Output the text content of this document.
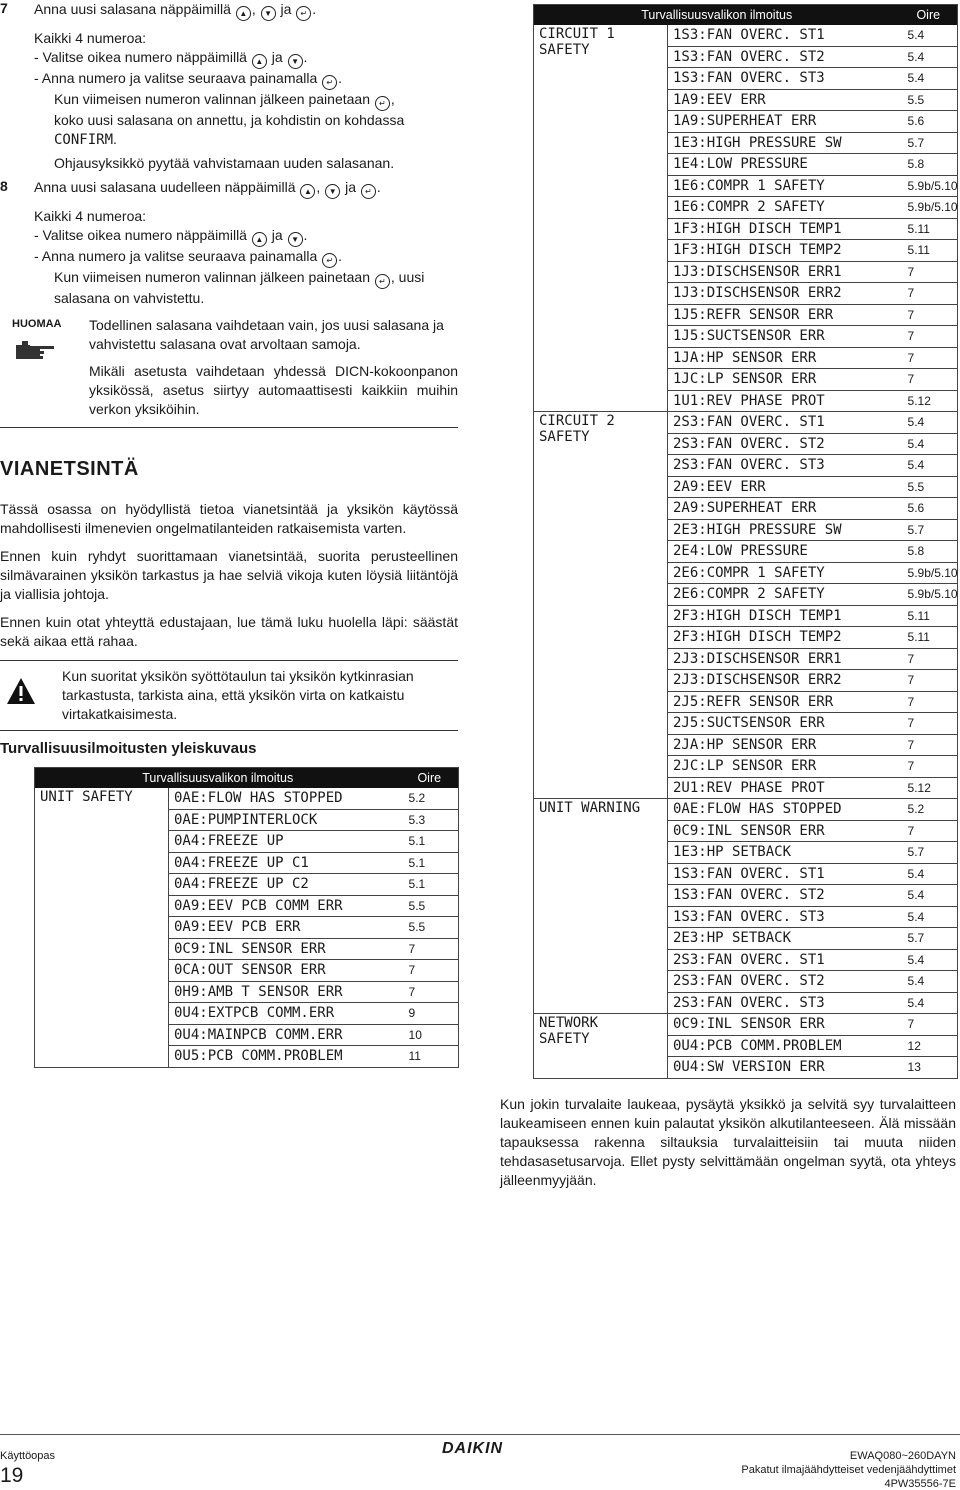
7 Anna uusi salasana näppäimillä ▲ , ▼ ja ↵ .

Kaikki 4 numeroa:

- Valitse oikea numero näppäimillä ▲ ja ▼ .

- Anna numero ja valitse seuraava painamalla ↵ .

Kun viimeisen numeron valinnan jälkeen painetaan ↵ ,

koko uusi salasana on annettu, ja kohdistin on kohdassa

CONFIRM.

Ohjausyksikkö pyytää vahvistamaan uuden salasanan.

8 Anna uusi salasana uudelleen näppäimillä ▲ , ▼ ja ↵ .

Kaikki 4 numeroa:

- Valitse oikea numero näppäimillä ▲ ja ▼ .

- Anna numero ja valitse seuraava painamalla ↵ .

Kun viimeisen numeron valinnan jälkeen painetaan ↵ , uusi

salasana on vahvistettu.

HUOMAA Todellinen salasana vaihdetaan vain, jos uusi salasana ja vahvistettu salasana ovat arvoltaan samoja.

Mikäli asetusta vaihdetaan yhdessä DICN-kokoonpanon yksikössä, asetus siirtyy automaattisesti kaikkiin muihin verkon yksiköihin.

VIANETSINTÄ

Tässä osassa on hyödyllistä tietoa vianetsintää ja yksikön käytössä mahdollisesti ilmenevien ongelmatilanteiden ratkaisemista varten.

Ennen kuin ryhdyt suorittamaan vianetsintää, suorita perusteellinen silmävarainen yksikön tarkastus ja hae selviä vikoja kuten löysiä liitäntöjä ja viallisia johtoja.

Ennen kuin otat yhteyttä edustajaan, lue tämä luku huolella läpi: säästät sekä aikaa että rahaa.

Kun suoritat yksikön syöttötaulun tai yksikön kytkinrasian tarkastusta, tarkista aina, että yksikön virta on katkaistu virtakatkaisimesta.

Turvallisuusilmoitusten yleiskuvaus
Turvallisuusvalikon ilmoitus		Oire
UNIT SAFETY	0AE:FLOW HAS STOPPED	5.2
	0AE:PUMPINTERLOCK	5.3
	0A4:FREEZE UP	5.1
	0A4:FREEZE UP C1	5.1
	0A4:FREEZE UP C2	5.1
	0A9:EEV PCB COMM ERR	5.5
	0A9:EEV PCB ERR	5.5
	0C9:INL SENSOR ERR	7
	0CA:OUT SENSOR ERR	7
	0H9:AMB T SENSOR ERR	7
	0U4:EXTPCB COMM.ERR	9
	0U4:MAINPCB COMM.ERR	10
	0U5:PCB COMM.PROBLEM	11
Turvallisuusvalikon ilmoitus		Oire
CIRCUIT 1
SAFETY	1S3:FAN OVERC. ST1	5.4
	1S3:FAN OVERC. ST2	5.4
	1S3:FAN OVERC. ST3	5.4
	1A9:EEV ERR	5.5
	1A9:SUPERHEAT ERR	5.6
	1E3:HIGH PRESSURE SW	5.7
	1E4:LOW PRESSURE	5.8
	1E6:COMPR 1 SAFETY	5.9b/5.10
	1E6:COMPR 2 SAFETY	5.9b/5.10
	1F3:HIGH DISCH TEMP1	5.11
	1F3:HIGH DISCH TEMP2	5.11
	1J3:DISCHSENSOR ERR1	7
	1J3:DISCHSENSOR ERR2	7
	1J5:REFR SENSOR ERR	7
	1J5:SUCTSENSOR ERR	7
	1JA:HP SENSOR ERR	7
	1JC:LP SENSOR ERR	7
	1U1:REV PHASE PROT	5.12
CIRCUIT 2
SAFETY	2S3:FAN OVERC. ST1	5.4
	2S3:FAN OVERC. ST2	5.4
	2S3:FAN OVERC. ST3	5.4
	2A9:EEV ERR	5.5
	2A9:SUPERHEAT ERR	5.6
	2E3:HIGH PRESSURE SW	5.7
	2E4:LOW PRESSURE	5.8
	2E6:COMPR 1 SAFETY	5.9b/5.10
	2E6:COMPR 2 SAFETY	5.9b/5.10
	2F3:HIGH DISCH TEMP1	5.11
	2F3:HIGH DISCH TEMP2	5.11
	2J3:DISCHSENSOR ERR1	7
	2J3:DISCHSENSOR ERR2	7
	2J5:REFR SENSOR ERR	7
	2J5:SUCTSENSOR ERR	7
	2JA:HP SENSOR ERR	7
	2JC:LP SENSOR ERR	7
	2U1:REV PHASE PROT	5.12
UNIT WARNING	0AE:FLOW HAS STOPPED	5.2
	0C9:INL SENSOR ERR	7
	1E3:HP SETBACK	5.7
	1S3:FAN OVERC. ST1	5.4
	1S3:FAN OVERC. ST2	5.4
	1S3:FAN OVERC. ST3	5.4
	2E3:HP SETBACK	5.7
	2S3:FAN OVERC. ST1	5.4
	2S3:FAN OVERC. ST2	5.4
	2S3:FAN OVERC. ST3	5.4
NETWORK
SAFETY	0C9:INL SENSOR ERR	7
	0U4:PCB COMM.PROBLEM	12
	0U4:SW VERSION ERR	13

Kun jokin turvalaite laukeaa, pysäytä yksikkö ja selvitä syy turvalaitteen laukeamiseen ennen kuin palautat yksikön alkutilanteeseen. Älä missään tapauksessa rakenna siltauksia turvalaitteisiin tai muuta niiden tehdasasetusarvoja. Ellet pysty selvittämään ongelman syytä, ota yhteys jälleenmyyjään.

Käyttöopas
19
DAIKIN	EWAQ080~260DAYN
Pakatut ilmajäähdytteiset vedenjäähdyttimet
4PW35556-7E
